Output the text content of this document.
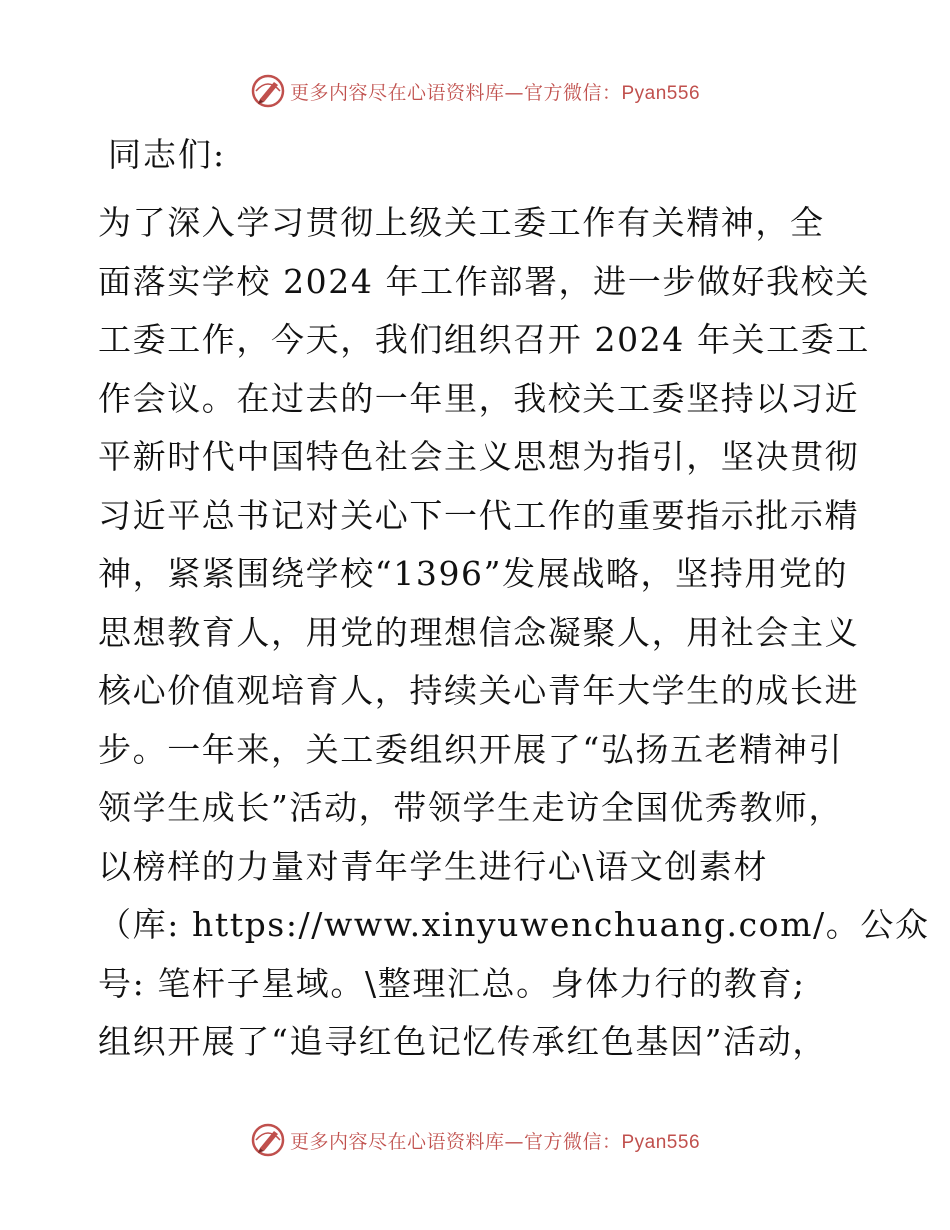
更多内容尽在心语资料库—官方微信：Pyan556
同志们:

为了深入学习贯彻上级关工委工作有关精神，全
面落实学校 2024 年工作部署，进一步做好我校关
工委工作，今天，我们组织召开 2024 年关工委工
作会议。在过去的一年里，我校关工委坚持以习近
平新时代中国特色社会主义思想为指引，坚决贯彻
习近平总书记对关心下一代工作的重要指示批示精
神，紧紧围绕学校“1396”发展战略，坚持用党的
思想教育人，用党的理想信念凝聚人，用社会主义
核心价值观培育人，持续关心青年大学生的成长进
步。一年来，关工委组织开展了“弘扬五老精神引
领学生成长”活动，带领学生走访全国优秀教师，
以榜样的力量对青年学生进行心\语文创素材
（库: https://www.xinyuwenchuang.com/。公众
号: 笔杆子星域。\整理汇总。身体力行的教育;
组织开展了“追寻红色记忆传承红色基因”活动，

更多内容尽在心语资料库—官方微信：Pyan556
